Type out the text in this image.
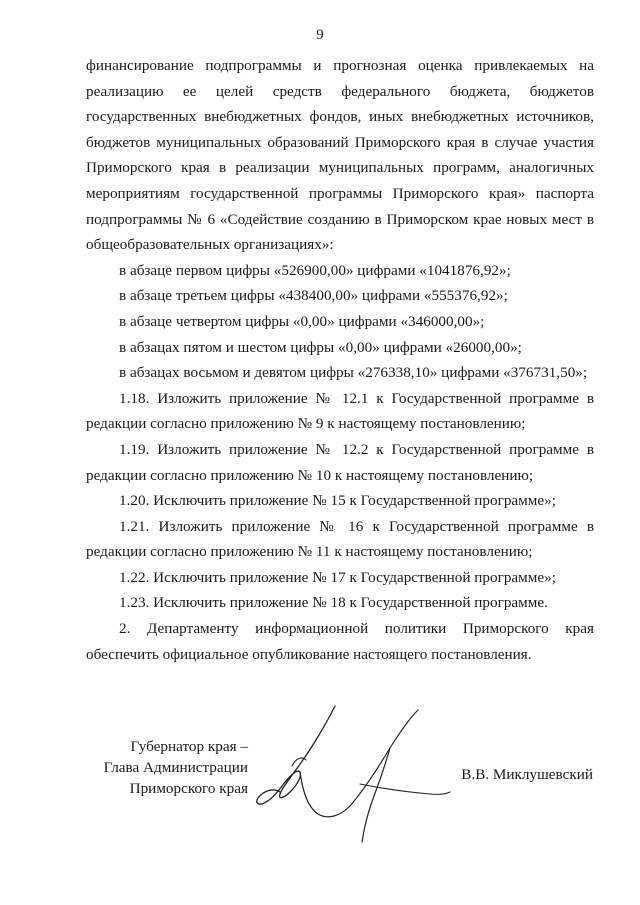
9

финансирование подпрограммы и прогнозная оценка привлекаемых на реализацию ее целей средств федерального бюджета, бюджетов государственных внебюджетных фондов, иных внебюджетных источников, бюджетов муниципальных образований Приморского края в случае участия Приморского края в реализации муниципальных программ, аналогичных мероприятиям государственной программы Приморского края» паспорта подпрограммы № 6 «Содействие созданию в Приморском крае новых мест в общеобразовательных организациях»:

в абзаце первом цифры «526900,00» цифрами «1041876,92»;

в абзаце третьем цифры «438400,00» цифрами «555376,92»;

в абзаце четвертом цифры «0,00» цифрами «346000,00»;

в абзацах пятом и шестом цифры «0,00» цифрами «26000,00»;

в абзацах восьмом и девятом цифры «276338,10» цифрами «376731,50»;

1.18. Изложить приложение № 12.1 к Государственной программе в редакции согласно приложению № 9 к настоящему постановлению;

1.19. Изложить приложение № 12.2 к Государственной программе в редакции согласно приложению № 10 к настоящему постановлению;

1.20. Исключить приложение № 15 к Государственной программе»;

1.21. Изложить приложение № 16 к Государственной программе в редакции согласно приложению № 11 к настоящему постановлению;

1.22. Исключить приложение № 17 к Государственной программе»;

1.23. Исключить приложение № 18 к Государственной программе.

2. Департаменту информационной политики Приморского края обеспечить официальное опубликование настоящего постановления.

Губернатор края –
Глава Администрации
Приморского края
В.В. Миклушевский
